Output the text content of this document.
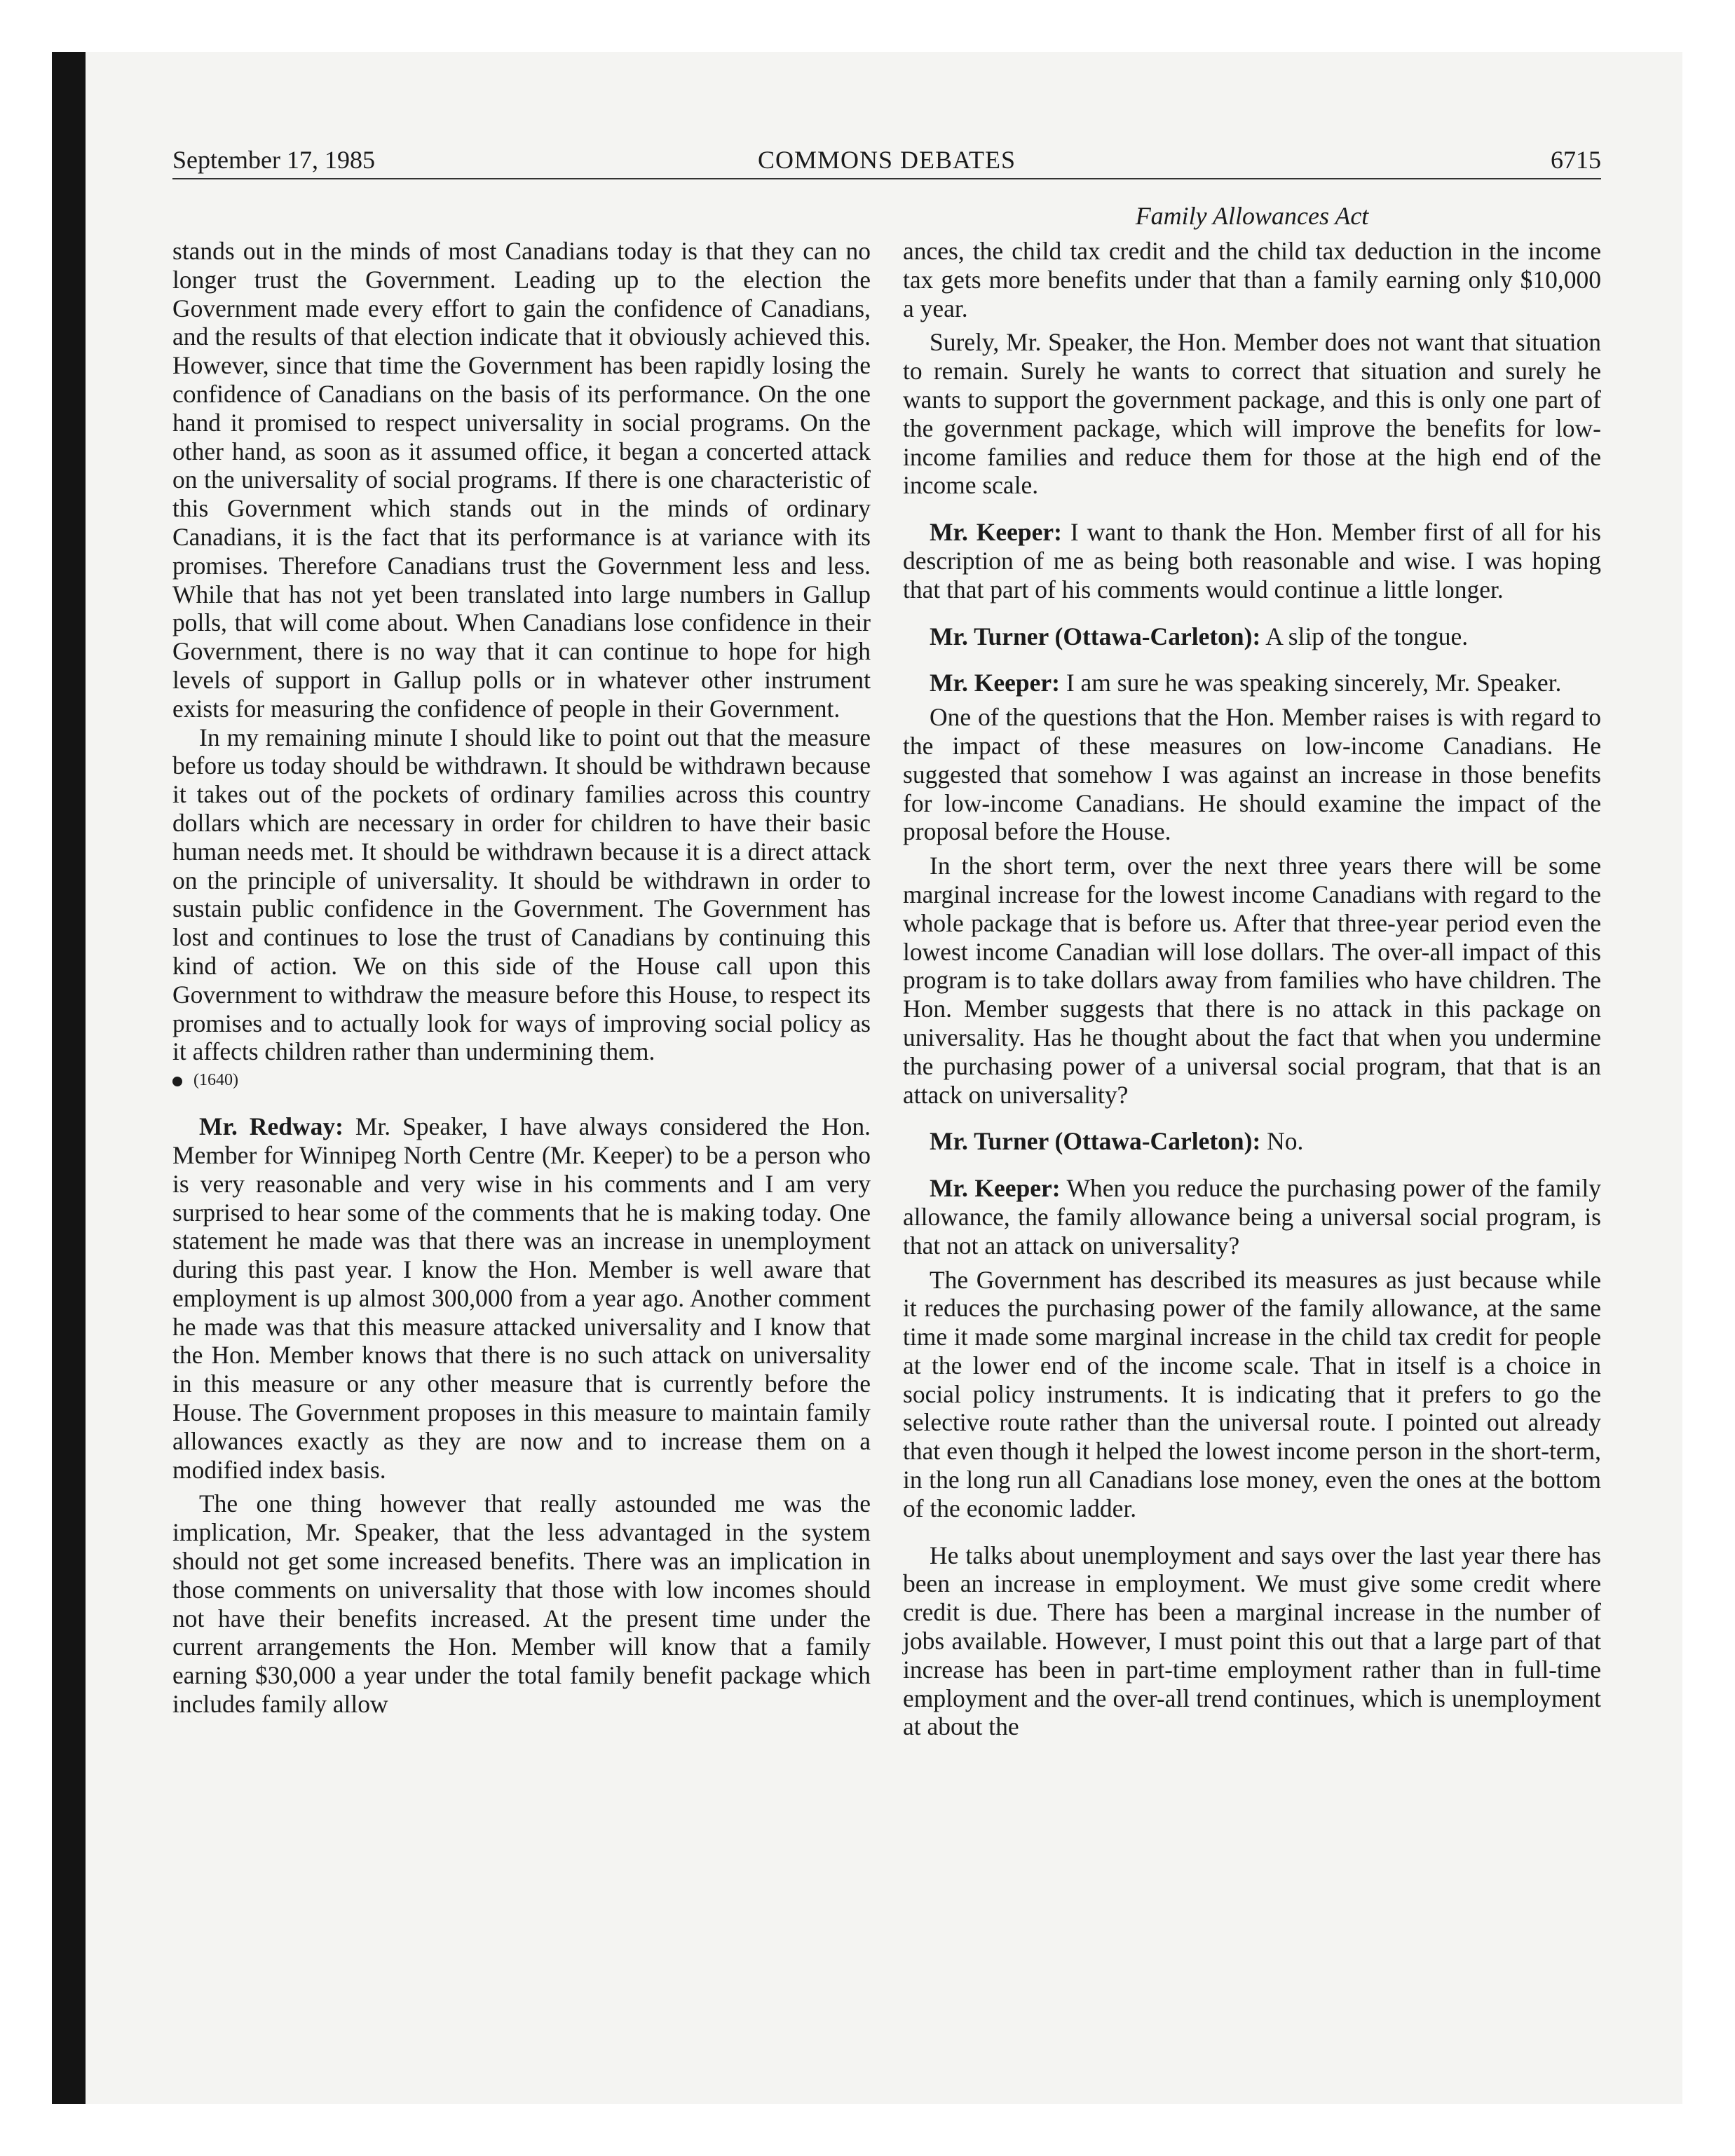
September 17, 1985	COMMONS DEBATES	6715
Family Allowances Act

stands out in the minds of most Canadians today is that they can no longer trust the Government. Leading up to the election the Government made every effort to gain the confidence of Canadians, and the results of that election indicate that it obviously achieved this. However, since that time the Government has been rapidly losing the confidence of Canadians on the basis of its performance. On the one hand it promised to respect universality in social programs. On the other hand, as soon as it assumed office, it began a concerted attack on the universality of social programs. If there is one characteristic of this Government which stands out in the minds of ordinary Canadians, it is the fact that its performance is at variance with its promises. Therefore Canadians trust the Government less and less. While that has not yet been translated into large numbers in Gallup polls, that will come about. When Canadians lose confidence in their Government, there is no way that it can continue to hope for high levels of support in Gallup polls or in whatever other instrument exists for measuring the confidence of people in their Government.

In my remaining minute I should like to point out that the measure before us today should be withdrawn. It should be withdrawn because it takes out of the pockets of ordinary families across this country dollars which are necessary in order for children to have their basic human needs met. It should be withdrawn because it is a direct attack on the principle of universality. It should be withdrawn in order to sustain public confidence in the Government. The Government has lost and continues to lose the trust of Canadians by continuing this kind of action. We on this side of the House call upon this Government to withdraw the measure before this House, to respect its promises and to actually look for ways of improving social policy as it affects children rather than undermining them.

(1640)

Mr. Redway: Mr. Speaker, I have always considered the Hon. Member for Winnipeg North Centre (Mr. Keeper) to be a person who is very reasonable and very wise in his comments and I am very surprised to hear some of the comments that he is making today. One statement he made was that there was an increase in unemployment during this past year. I know the Hon. Member is well aware that employment is up almost 300,000 from a year ago. Another comment he made was that this measure attacked universality and I know that the Hon. Member knows that there is no such attack on universality in this measure or any other measure that is currently before the House. The Government proposes in this measure to maintain family allowances exactly as they are now and to increase them on a modified index basis.

The one thing however that really astounded me was the implication, Mr. Speaker, that the less advantaged in the system should not get some increased benefits. There was an implication in those comments on universality that those with low incomes should not have their benefits increased. At the present time under the current arrangements the Hon. Member will know that a family earning $30,000 a year under the total family benefit package which includes family allow

ances, the child tax credit and the child tax deduction in the income tax gets more benefits under that than a family earning only $10,000 a year.

Surely, Mr. Speaker, the Hon. Member does not want that situation to remain. Surely he wants to correct that situation and surely he wants to support the government package, and this is only one part of the government package, which will improve the benefits for low-income families and reduce them for those at the high end of the income scale.

Mr. Keeper: I want to thank the Hon. Member first of all for his description of me as being both reasonable and wise. I was hoping that that part of his comments would continue a little longer.

Mr. Turner (Ottawa-Carleton): A slip of the tongue.

Mr. Keeper: I am sure he was speaking sincerely, Mr. Speaker.

One of the questions that the Hon. Member raises is with regard to the impact of these measures on low-income Canadians. He suggested that somehow I was against an increase in those benefits for low-income Canadians. He should examine the impact of the proposal before the House.

In the short term, over the next three years there will be some marginal increase for the lowest income Canadians with regard to the whole package that is before us. After that three-year period even the lowest income Canadian will lose dollars. The over-all impact of this program is to take dollars away from families who have children. The Hon. Member suggests that there is no attack in this package on universality. Has he thought about the fact that when you undermine the purchasing power of a universal social program, that that is an attack on universality?

Mr. Turner (Ottawa-Carleton): No.

Mr. Keeper: When you reduce the purchasing power of the family allowance, the family allowance being a universal social program, is that not an attack on universality?

The Government has described its measures as just because while it reduces the purchasing power of the family allowance, at the same time it made some marginal increase in the child tax credit for people at the lower end of the income scale. That in itself is a choice in social policy instruments. It is indicating that it prefers to go the selective route rather than the universal route. I pointed out already that even though it helped the lowest income person in the short-term, in the long run all Canadians lose money, even the ones at the bottom of the economic ladder.

He talks about unemployment and says over the last year there has been an increase in employment. We must give some credit where credit is due. There has been a marginal increase in the number of jobs available. However, I must point this out that a large part of that increase has been in part-time employment rather than in full-time employment and the over-all trend continues, which is unemployment at about the
